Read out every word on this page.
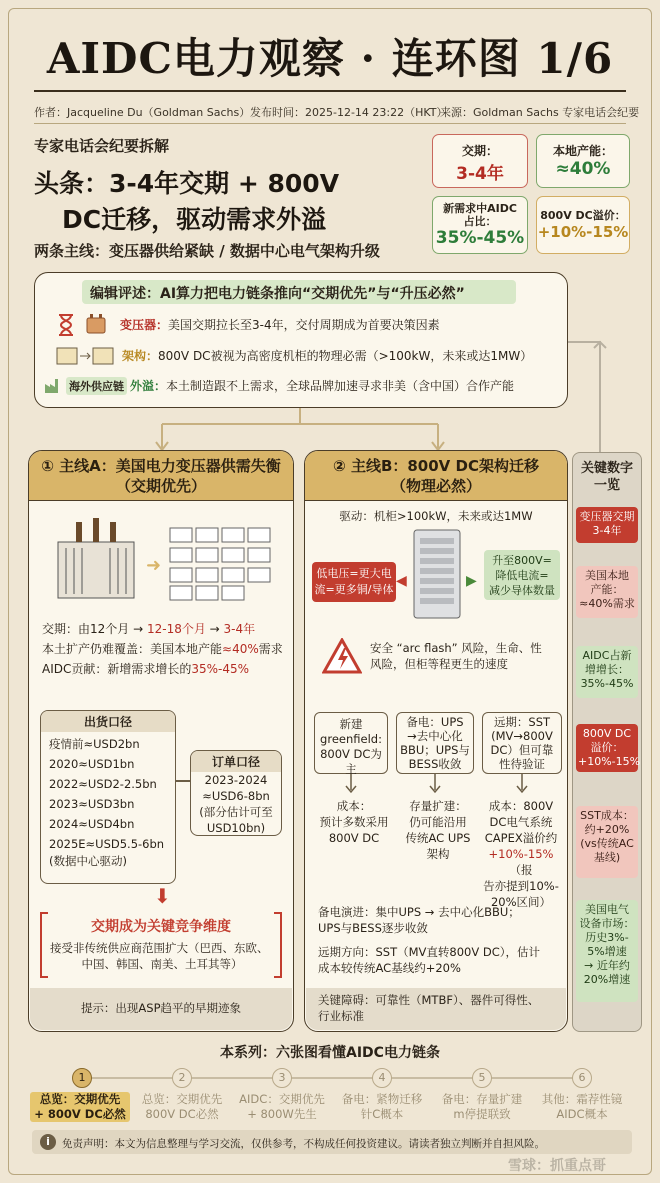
AIDC电力观察 · 连环图 1/6
作者：Jacqueline Du（Goldman Sachs） 发布时间：2025-12-14 23:22（HKT）
来源：Goldman Sachs 专家电话会纪要
专家电话会纪要拆解
头条：3-4年交期 + 800V
DC迁移，驱动需求外溢
两条主线：变压器供给紧缺 / 数据中心电气架构升级
交期：
3-4年
本地产能：
≈40%
新需求中AIDC占比：
35%-45%
800V DC溢价：
+10%-15%
编辑评述：AI算力把电力链条推向“交期优先”与“升压必然”
变压器：美国交期拉长至3-4年，交付周期成为首要决策因素
架构：800V DC被视为高密度机柜的物理必需（>100kW，未来或达1MW）
海外供应链 外溢：本土制造跟不上需求，全球品牌加速寻求非美（含中国）合作产能
① 主线A：美国电力变压器供需失衡
（交期优先）
➜
交期：由12个月 → 12-18个月 → 3-4年
本土扩产仍难覆盖：美国本地产能≈40%需求
AIDC贡献：新增需求增长的35%-45%
出货口径
疫情前≈USD2bn
2020≈USD1bn
2022≈USD2-2.5bn
2023≈USD3bn
2024≈USD4bn
2025E≈USD5.5-6bn
(数据中心驱动)
订单口径
2023-2024
≈USD6-8bn
(部分估计可至
USD10bn)
⬇
交期成为关键竞争维度
接受非传统供应商范围扩大（巴西、东欧、
中国、韩国、南美、土耳其等）
提示：出现ASP趋平的早期迹象
② 主线B：800V DC架构迁移
（物理必然）
驱动：机柜>100kW，未来或达1MW
低电压=更大电
流=更多铜/导体
◀	▶
升至800V=
降低电流=
减少导体数量
安全 “arc flash” 风险，生命、性
风险，但柜等程更生的速度
新建
greenfield:
800V DC为主
备电：UPS
→去中心化
BBU；UPS与
BESS收敛
远期：SST
(MV→800V
DC）但可靠
性待验证
成本：
预计多数采用
800V DC
存量扩建：
仍可能沿用
传统AC UPS
架构
成本：800V
DC电气系统
CAPEX溢价约
+10%-15%（报
告亦提到10%-
20%区间）
备电演进：集中UPS → 去中心化BBU；
UPS与BESS逐步收敛
远期方向：SST（MV直转800V DC），估计
成本较传统AC基线约+20%
关键障碍：可靠性（MTBF）、器件可得性、
行业标准
关键数字
一览
变压器交期
3-4年
美国本地
产能：
≈40%需求
AIDC占新
增增长：
35%-45%
800V DC
溢价：
+10%-15%
SST成本：
约+20%
(vs传统AC
基线)
美国电气
设备市场：
历史3%-
5%增速
→ 近年约
20%增速
本系列：六张图看懂AIDC电力链条
1
总览：交期优先
+ 800V DC必然
2
总览：交期优先
800V DC必然
3
AIDC：交期优先
+ 800W先生
4
备电：紧物迁移
针C概本
5
备电：存量扩建
m停提联致
6
其他：霜荐性镜
AIDC概本
i	免责声明：本文为信息整理与学习交流，仅供参考，不构成任何投资建议。请读者独立判断并自担风险。
雪球：抓重点哥
